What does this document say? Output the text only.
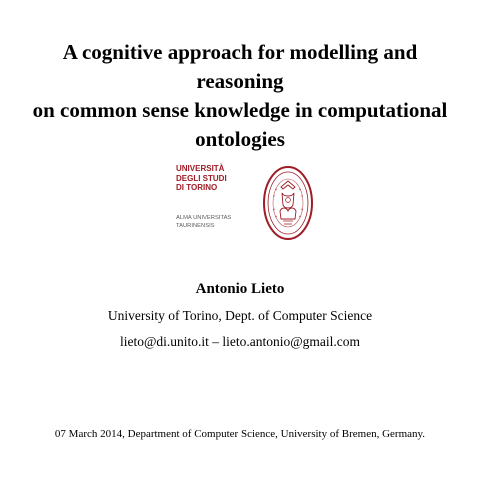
A cognitive approach for modelling and reasoning
on common sense knowledge in computational
ontologies
UNIVERSITÀ
DEGLI STUDI
DI TORINO
ALMA UNIVERSITAS
TAURINENSIS
Antonio Lieto
University of Torino, Dept. of Computer Science
lieto@di.unito.it – lieto.antonio@gmail.com
07 March 2014, Department of Computer Science, University of Bremen, Germany.
